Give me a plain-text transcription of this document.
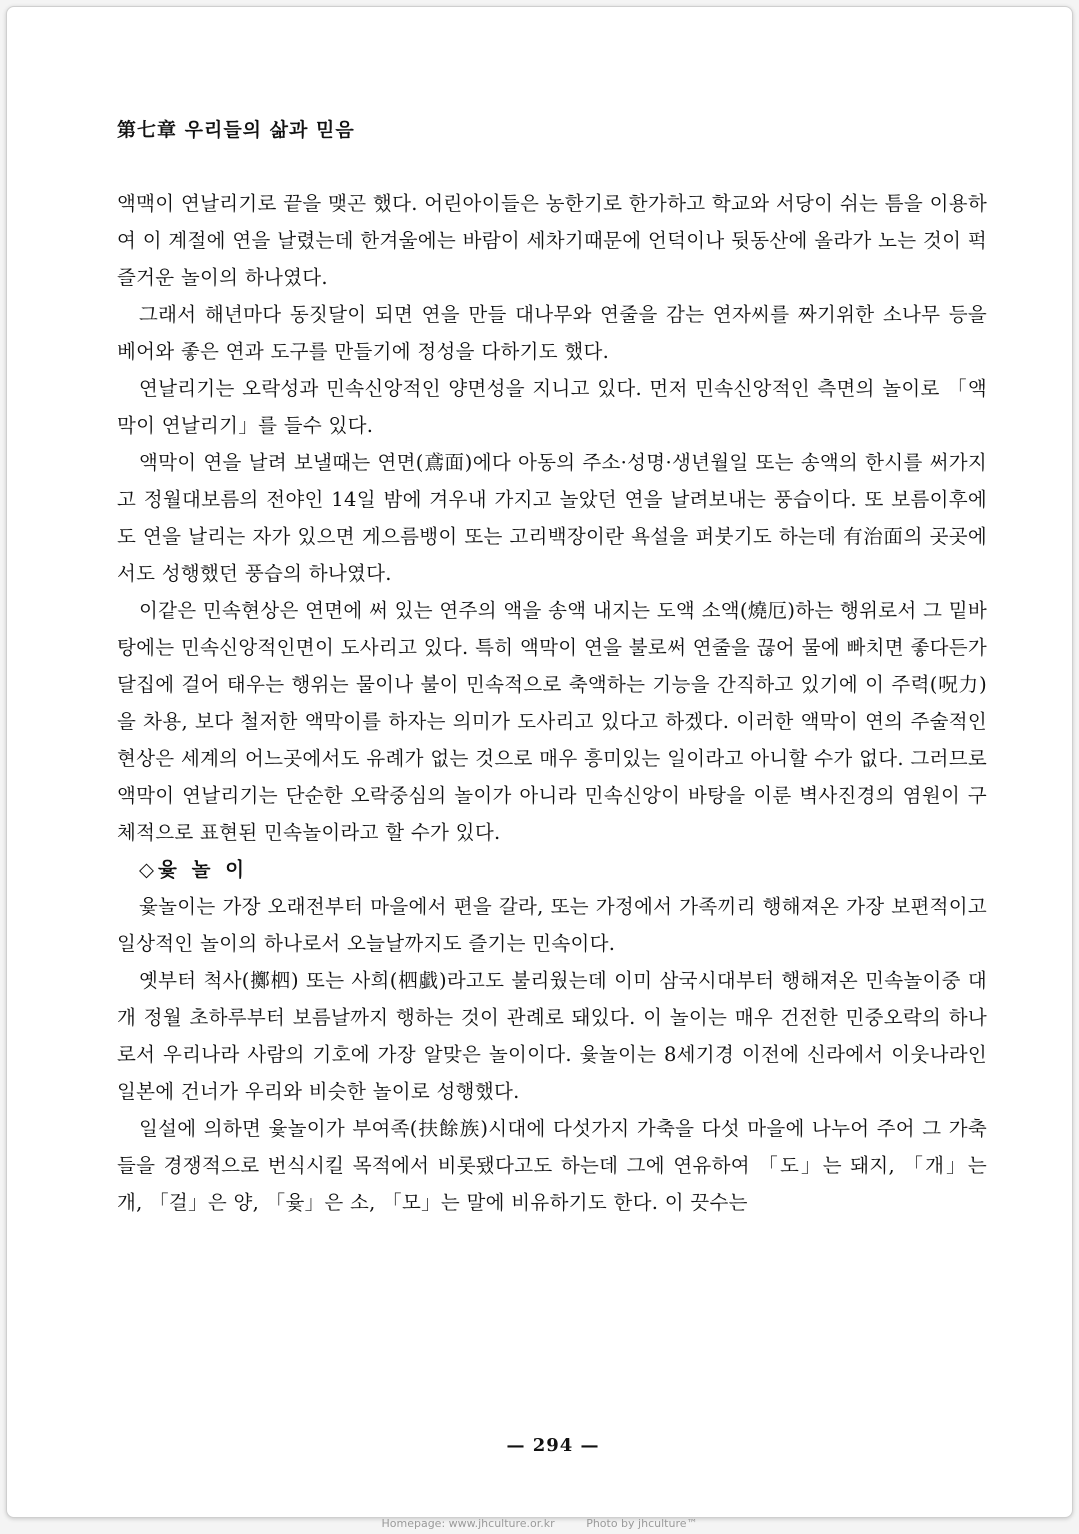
第七章 우리들의 삶과 믿음

액맥이 연날리기로 끝을 맺곤 했다. 어린아이들은 농한기로 한가하고 학교와 서당이 쉬는 틈을 이용하여 이 계절에 연을 날렸는데 한겨울에는 바람이 세차기때문에 언덕이나 뒷동산에 올라가 노는 것이 퍽 즐거운 놀이의 하나였다.

그래서 해년마다 동짓달이 되면 연을 만들 대나무와 연줄을 감는 연자씨를 짜기위한 소나무 등을 베어와 좋은 연과 도구를 만들기에 정성을 다하기도 했다.

연날리기는 오락성과 민속신앙적인 양면성을 지니고 있다. 먼저 민속신앙적인 측면의 놀이로 「액막이 연날리기」를 들수 있다.

액막이 연을 날려 보낼때는 연면(鳶面)에다 아동의 주소·성명·생년월일 또는 송액의 한시를 써가지고 정월대보름의 전야인 14일 밤에 겨우내 가지고 놀았던 연을 날려보내는 풍습이다. 또 보름이후에도 연을 날리는 자가 있으면 게으름뱅이 또는 고리백장이란 욕설을 퍼붓기도 하는데 有治面의 곳곳에서도 성행했던 풍습의 하나였다.

이같은 민속현상은 연면에 써 있는 연주의 액을 송액 내지는 도액 소액(燒厄)하는 행위로서 그 밑바탕에는 민속신앙적인면이 도사리고 있다. 특히 액막이 연을 불로써 연줄을 끊어 물에 빠치면 좋다든가 달집에 걸어 태우는 행위는 물이나 불이 민속적으로 축액하는 기능을 간직하고 있기에 이 주력(呪力)을 차용, 보다 철저한 액막이를 하자는 의미가 도사리고 있다고 하겠다. 이러한 액막이 연의 주술적인 현상은 세계의 어느곳에서도 유례가 없는 것으로 매우 흥미있는 일이라고 아니할 수가 없다. 그러므로 액막이 연날리기는 단순한 오락중심의 놀이가 아니라 민속신앙이 바탕을 이룬 벽사진경의 염원이 구체적으로 표현된 민속놀이라고 할 수가 있다.

◇윷 놀 이

윷놀이는 가장 오래전부터 마을에서 편을 갈라, 또는 가정에서 가족끼리 행해져온 가장 보편적이고 일상적인 놀이의 하나로서 오늘날까지도 즐기는 민속이다.

옛부터 척사(擲柶) 또는 사희(柶戱)라고도 불리웠는데 이미 삼국시대부터 행해져온 민속놀이중 대개 정월 초하루부터 보름날까지 행하는 것이 관례로 돼있다. 이 놀이는 매우 건전한 민중오락의 하나로서 우리나라 사람의 기호에 가장 알맞은 놀이이다. 윷놀이는 8세기경 이전에 신라에서 이웃나라인 일본에 건너가 우리와 비슷한 놀이로 성행했다.

일설에 의하면 윷놀이가 부여족(扶餘族)시대에 다섯가지 가축을 다섯 마을에 나누어 주어 그 가축들을 경쟁적으로 번식시킬 목적에서 비롯됐다고도 하는데 그에 연유하여 「도」는 돼지, 「개」는 개, 「걸」은 양, 「윷」은 소, 「모」는 말에 비유하기도 한다. 이 끗수는

— 294 —
Homepage: www.jhculture.or.kr	Photo by jhculture™
